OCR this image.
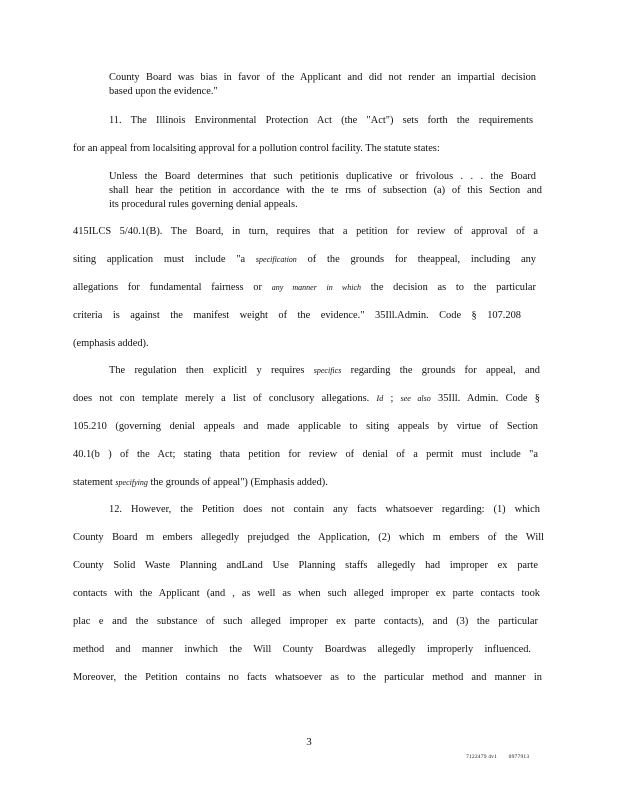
County Board was bias in favor of the Applicant and did not render an impartial decision
based upon the evidence."
11. The Illinois Environmental Protection Act (the "Act") sets forth the requirements
for an appeal from localsiting approval for a pollution control facility. The statute states:
Unless the Board determines that such petitionis duplicative or frivolous . . . the Board
shall hear the petition in accordance with the te rms of subsection (a) of this Section and
its procedural rules governing denial appeals.
415ILCS 5/40.1(B). The Board, in turn, requires that a petition for review of approval of a
siting application must include "a specification of the grounds for theappeal, including any
allegations for fundamental fairness or any manner in which the decision as to the particular
criteria is against the manifest weight of the evidence." 35Ill.Admin. Code § 107.208
(emphasis added).
The regulation then explicitl y requires specifics regarding the grounds for appeal, and
does not con template merely a list of conclusory allegations. Id ; see also 35Ill. Admin. Code §
105.210 (governing denial appeals and made applicable to siting appeals by virtue of Section
40.1(b ) of the Act; stating thata petition for review of denial of a permit must include "a
statement specifying the grounds of appeal") (Emphasis added).
12. However, the Petition does not contain any facts whatsoever regarding: (1) which
County Board m embers allegedly prejudged the Application, (2) which m embers of the Will
County Solid Waste Planning andLand Use Planning staffs allegedly had improper ex parte
contacts with the Applicant (and , as well as when such alleged improper ex parte contacts took
plac e and the substance of such alleged improper ex parte contacts), and (3) the particular
method and manner inwhich the Will County Boardwas allegedly improperly influenced.
Moreover, the Petition contains no facts whatsoever as to the particular method and manner in
3
7122479 4v1 0977913
